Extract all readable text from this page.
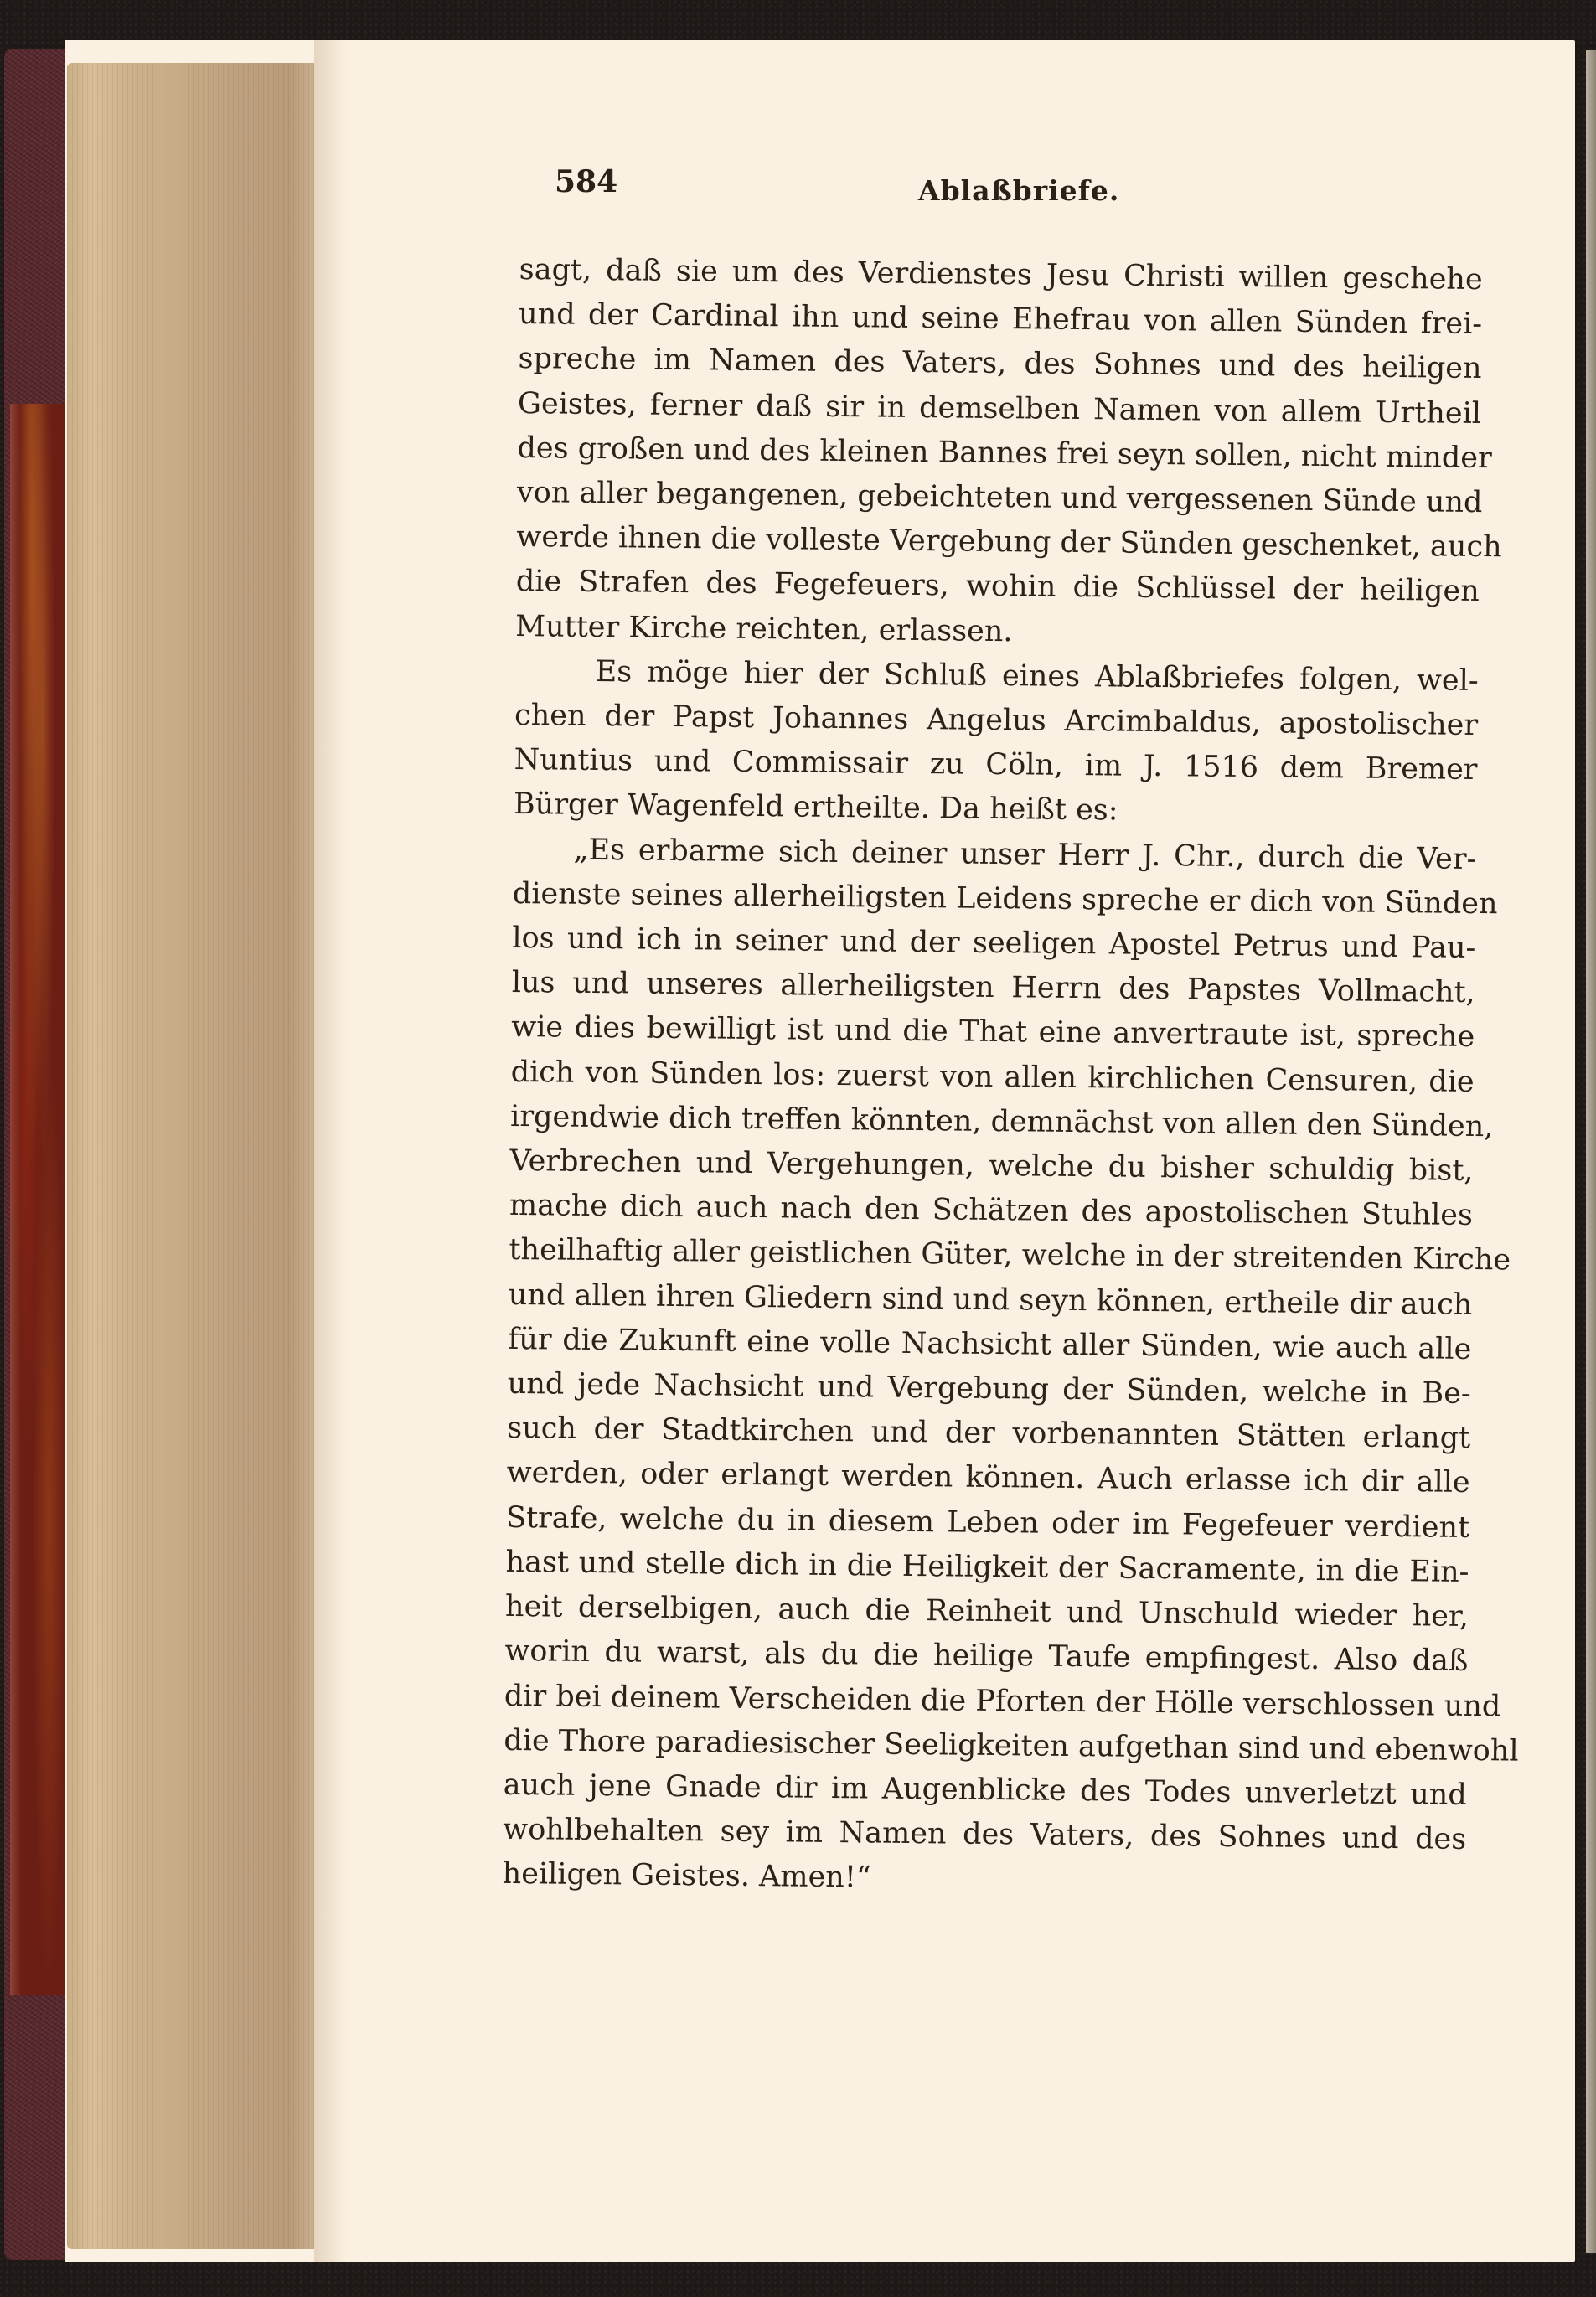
584	Ablaßbriefe.

sagt, daß sie um des Verdienstes Jesu Christi willen geschehe
und der Cardinal ihn und seine Ehefrau von allen Sünden frei-
spreche im Namen des Vaters, des Sohnes und des heiligen
Geistes, ferner daß sir in demselben Namen von allem Urtheil
des großen und des kleinen Bannes frei seyn sollen, nicht minder
von aller begangenen, gebeichteten und vergessenen Sünde und
werde ihnen die volleste Vergebung der Sünden geschenket, auch
die Strafen des Fegefeuers, wohin die Schlüssel der heiligen
Mutter Kirche reichten, erlassen.

Es möge hier der Schluß eines Ablaßbriefes folgen, wel-
chen der Papst Johannes Angelus Arcimbaldus, apostolischer
Nuntius und Commissair zu Cöln, im J. 1516 dem Bremer
Bürger Wagenfeld ertheilte. Da heißt es:

„Es erbarme sich deiner unser Herr J. Chr., durch die Ver-
dienste seines allerheiligsten Leidens spreche er dich von Sünden
los und ich in seiner und der seeligen Apostel Petrus und Pau-
lus und unseres allerheiligsten Herrn des Papstes Vollmacht,
wie dies bewilligt ist und die That eine anvertraute ist, spreche
dich von Sünden los: zuerst von allen kirchlichen Censuren, die
irgendwie dich treffen könnten, demnächst von allen den Sünden,
Verbrechen und Vergehungen, welche du bisher schuldig bist,
mache dich auch nach den Schätzen des apostolischen Stuhles
theilhaftig aller geistlichen Güter, welche in der streitenden Kirche
und allen ihren Gliedern sind und seyn können, ertheile dir auch
für die Zukunft eine volle Nachsicht aller Sünden, wie auch alle
und jede Nachsicht und Vergebung der Sünden, welche in Be-
such der Stadtkirchen und der vorbenannten Stätten erlangt
werden, oder erlangt werden können. Auch erlasse ich dir alle
Strafe, welche du in diesem Leben oder im Fegefeuer verdient
hast und stelle dich in die Heiligkeit der Sacramente, in die Ein-
heit derselbigen, auch die Reinheit und Unschuld wieder her,
worin du warst, als du die heilige Taufe empfingest. Also daß
dir bei deinem Verscheiden die Pforten der Hölle verschlossen und
die Thore paradiesischer Seeligkeiten aufgethan sind und ebenwohl
auch jene Gnade dir im Augenblicke des Todes unverletzt und
wohlbehalten sey im Namen des Vaters, des Sohnes und des
heiligen Geistes. Amen!“
